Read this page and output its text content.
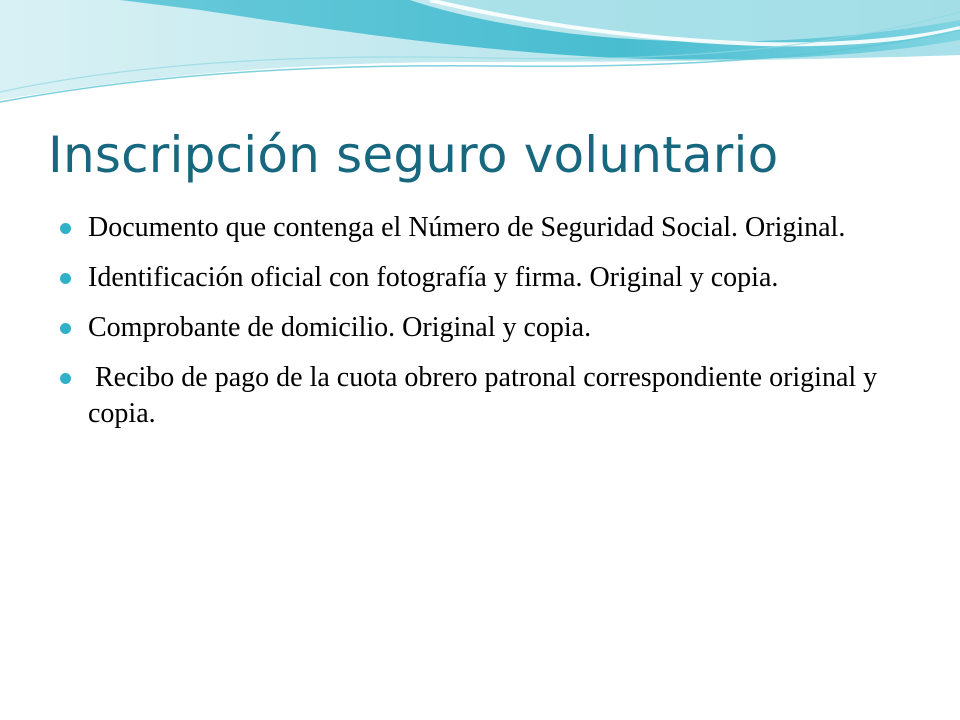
Inscripción seguro voluntario
Documento que contenga el Número de Seguridad Social. Original.
Identificación oficial con fotografía y firma. Original y copia.
Comprobante de domicilio. Original y copia.
Recibo de pago de la cuota obrero patronal correspondiente original y copia.
